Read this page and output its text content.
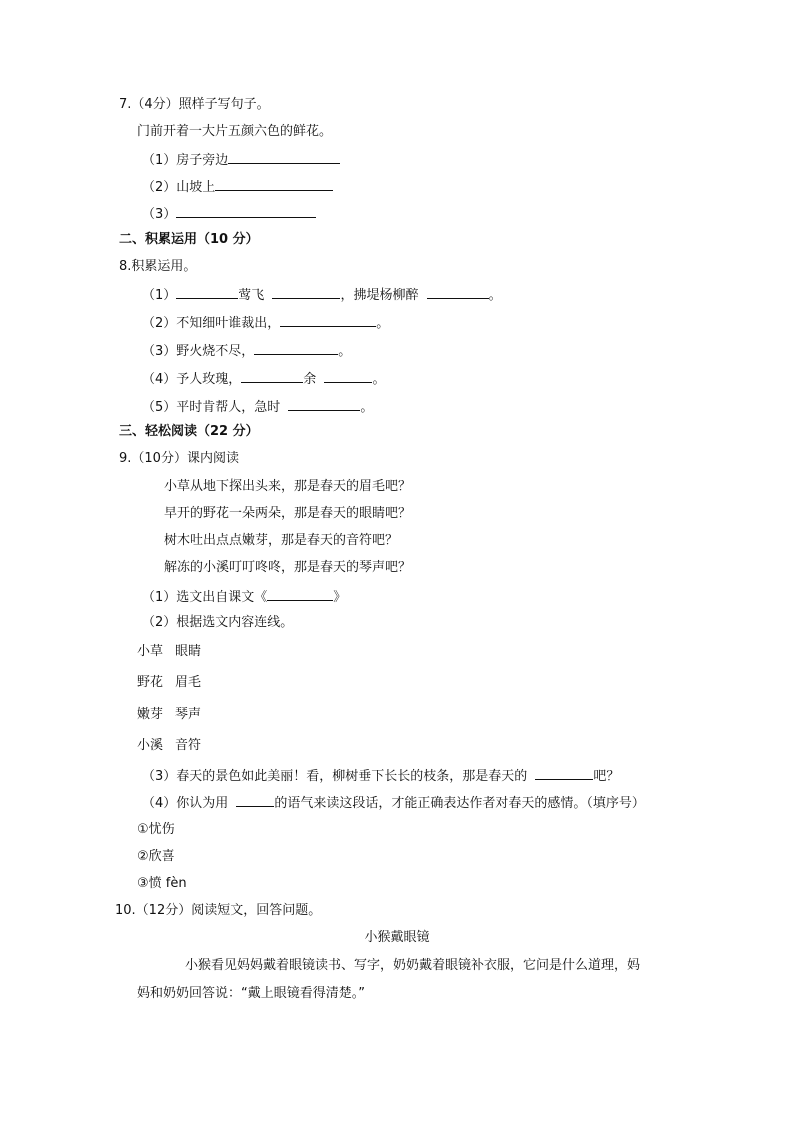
7.（4分）照样子写句子。
门前开着一大片五颜六色的鲜花。
（1）房子旁边
（2）山坡上
（3）
二、积累运用（10 分）
8.积累运用。
（1）	莺飞	，拂堤杨柳醉	。
（2）不知细叶谁裁出，	。
（3）野火烧不尽，	。
（4）予人玫瑰，	余	。
（5）平时肯帮人，急时	。
三、轻松阅读（22 分）
9.（10分）课内阅读
小草从地下探出头来，那是春天的眉毛吧？
早开的野花一朵两朵，那是春天的眼睛吧？
树木吐出点点嫩芽，那是春天的音符吧？
解冻的小溪叮叮咚咚，那是春天的琴声吧？
（1）选文出自课文《	》
（2）根据选文内容连线。
小草 眼睛
野花 眉毛
嫩芽 琴声
小溪 音符
（3）春天的景色如此美丽！看，柳树垂下长长的枝条，那是春天的	吧？
（4）你认为用	的语气来读这段话，才能正确表达作者对春天的感情。（填序号）
①忧伤
②欣喜
③愤 fèn
10.（12分）阅读短文，回答问题。
小猴戴眼镜
小猴看见妈妈戴着眼镜读书、写字，奶奶戴着眼镜补衣服，它问是什么道理，妈
妈和奶奶回答说：“戴上眼镜看得清楚。”
